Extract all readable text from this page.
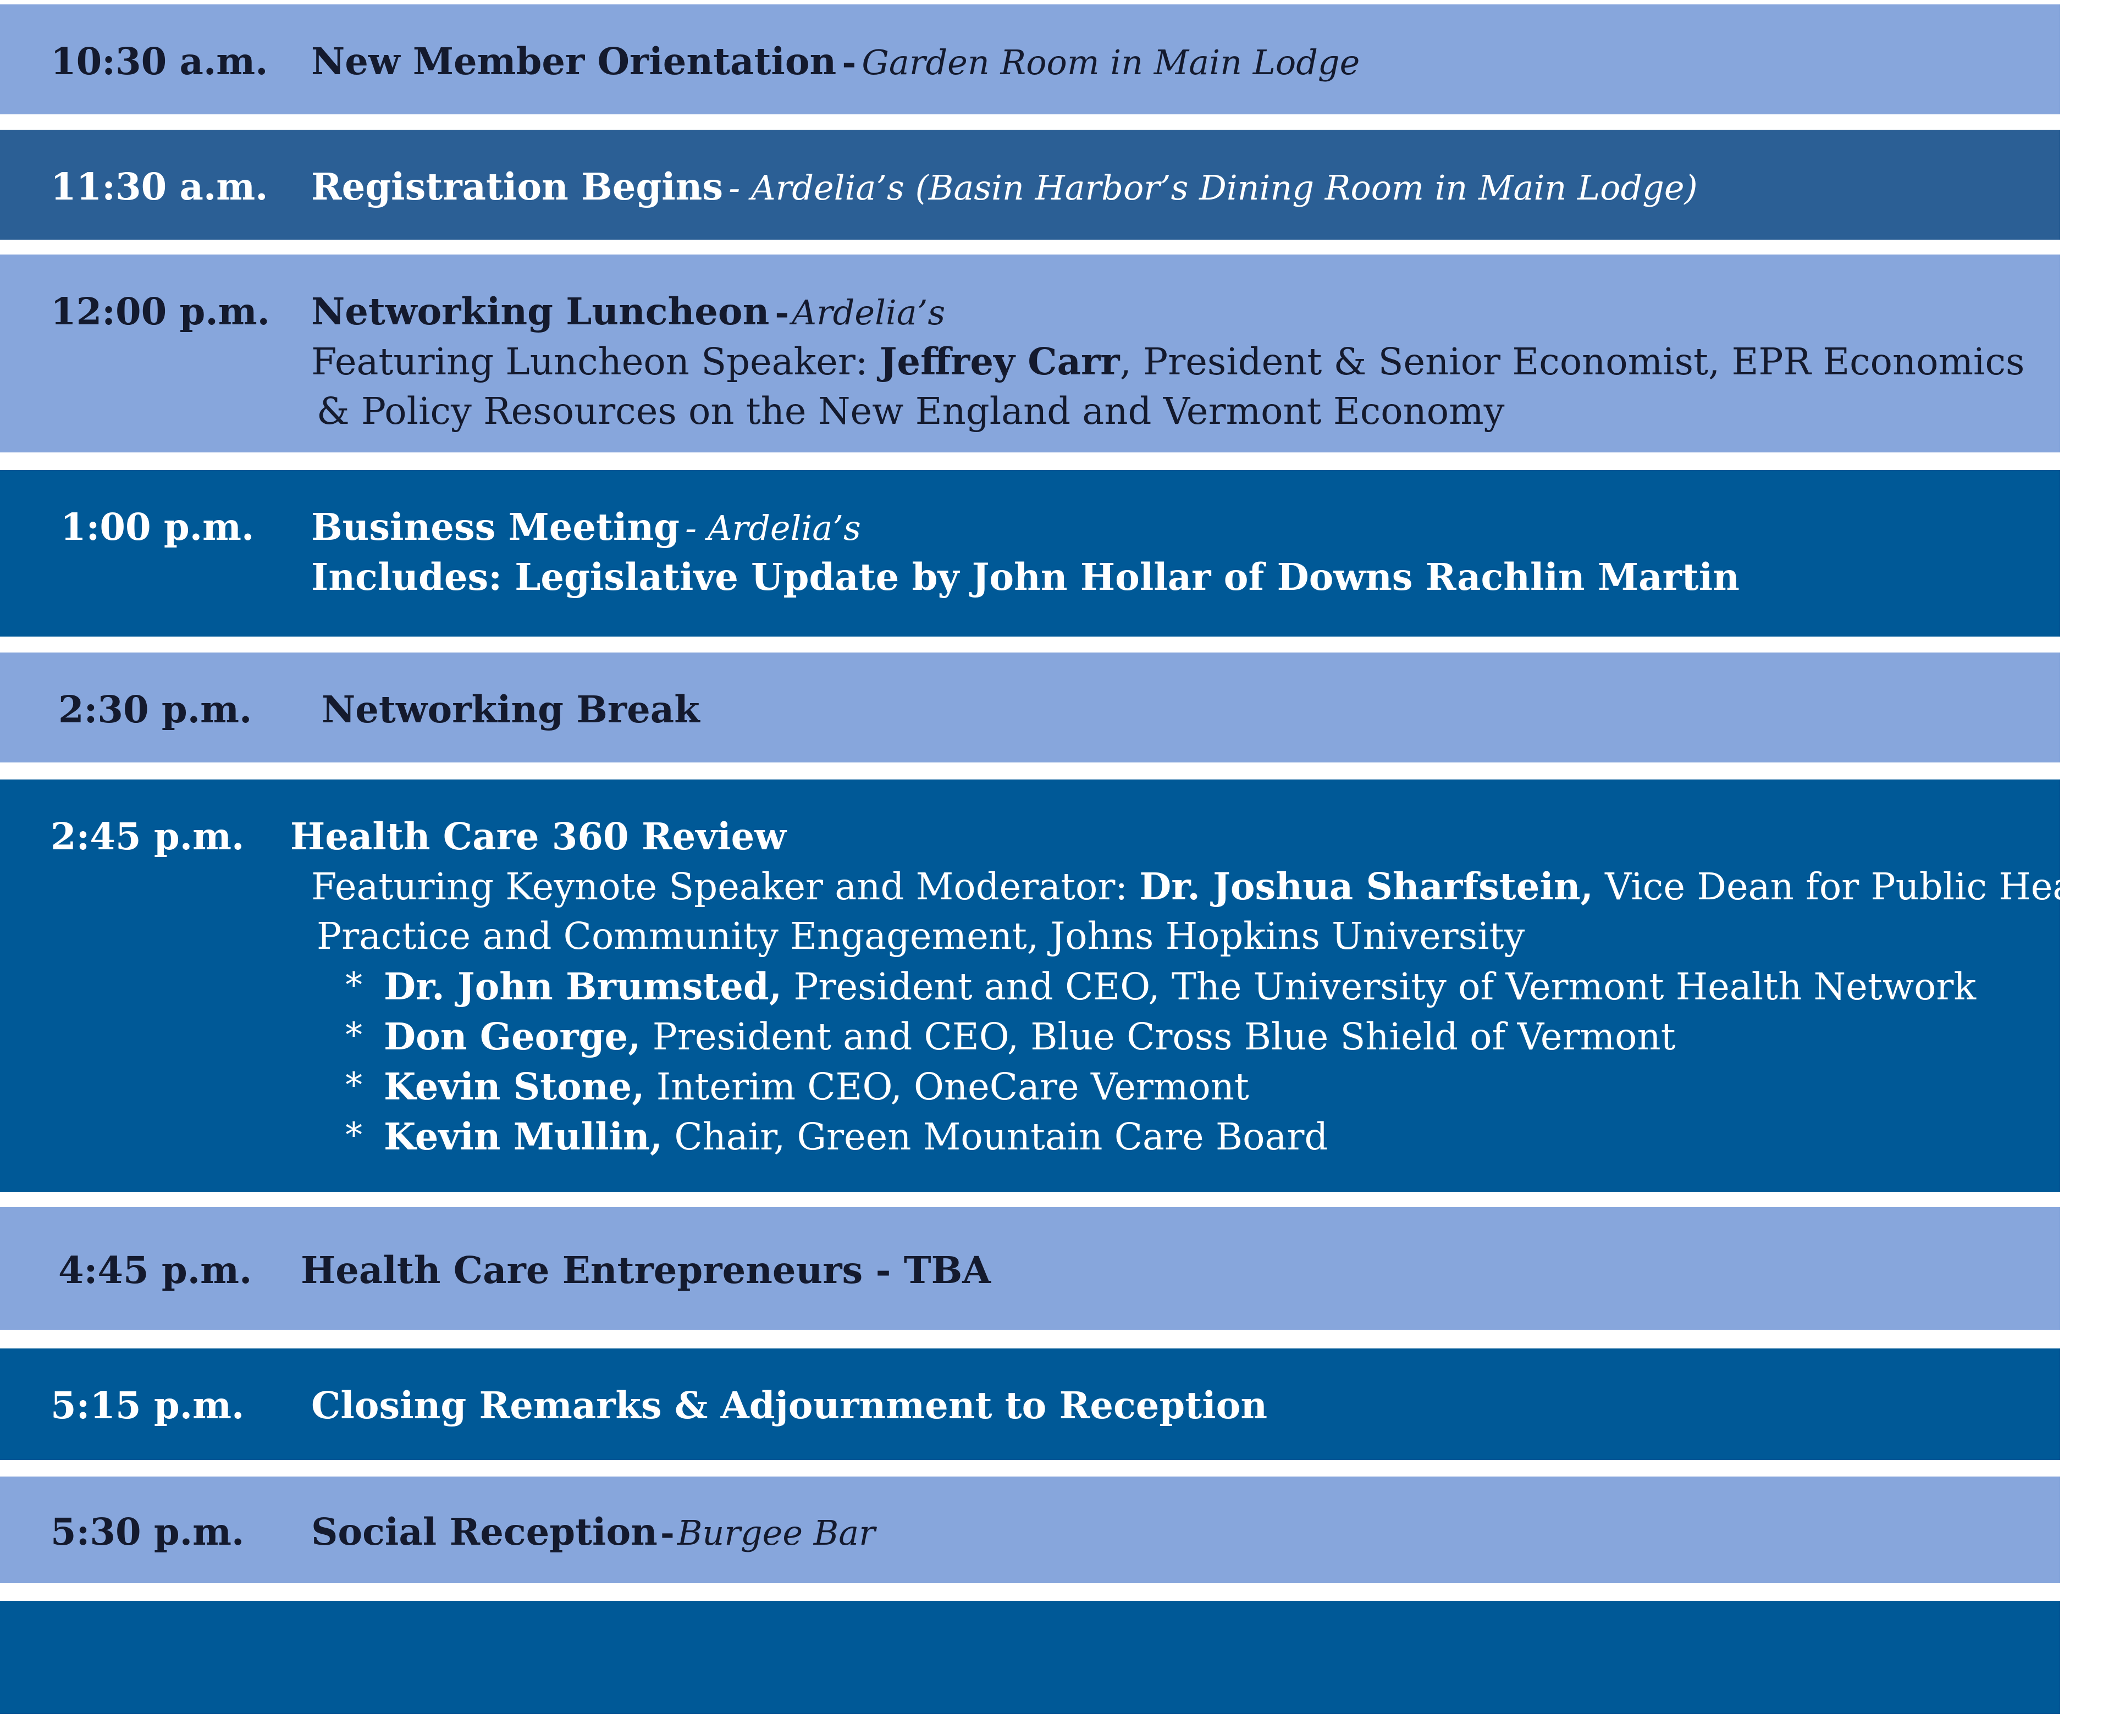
10:30 a.m. New Member Orientation - Garden Room in Main Lodge
11:30 a.m. Registration Begins - Ardelia’s (Basin Harbor’s Dining Room in Main Lodge)
12:00 p.m. Networking Luncheon - Ardelia’s
Featuring Luncheon Speaker: Jeffrey Carr, President & Senior Economist, EPR Economics
& Policy Resources on the New England and Vermont Economy
1:00 p.m. Business Meeting - Ardelia’s
Includes: Legislative Update by John Hollar of Downs Rachlin Martin
2:30 p.m. Networking Break
2:45 p.m. Health Care 360 Review
Featuring Keynote Speaker and Moderator: Dr. Joshua Sharfstein, Vice Dean for Public Health
Practice and Community Engagement, Johns Hopkins University
* Dr. John Brumsted, President and CEO, The University of Vermont Health Network
* Don George, President and CEO, Blue Cross Blue Shield of Vermont
* Kevin Stone, Interim CEO, OneCare Vermont
* Kevin Mullin, Chair, Green Mountain Care Board
4:45 p.m. Health Care Entrepreneurs - TBA
5:15 p.m. Closing Remarks & Adjournment to Reception
5:30 p.m. Social Reception - Burgee Bar
